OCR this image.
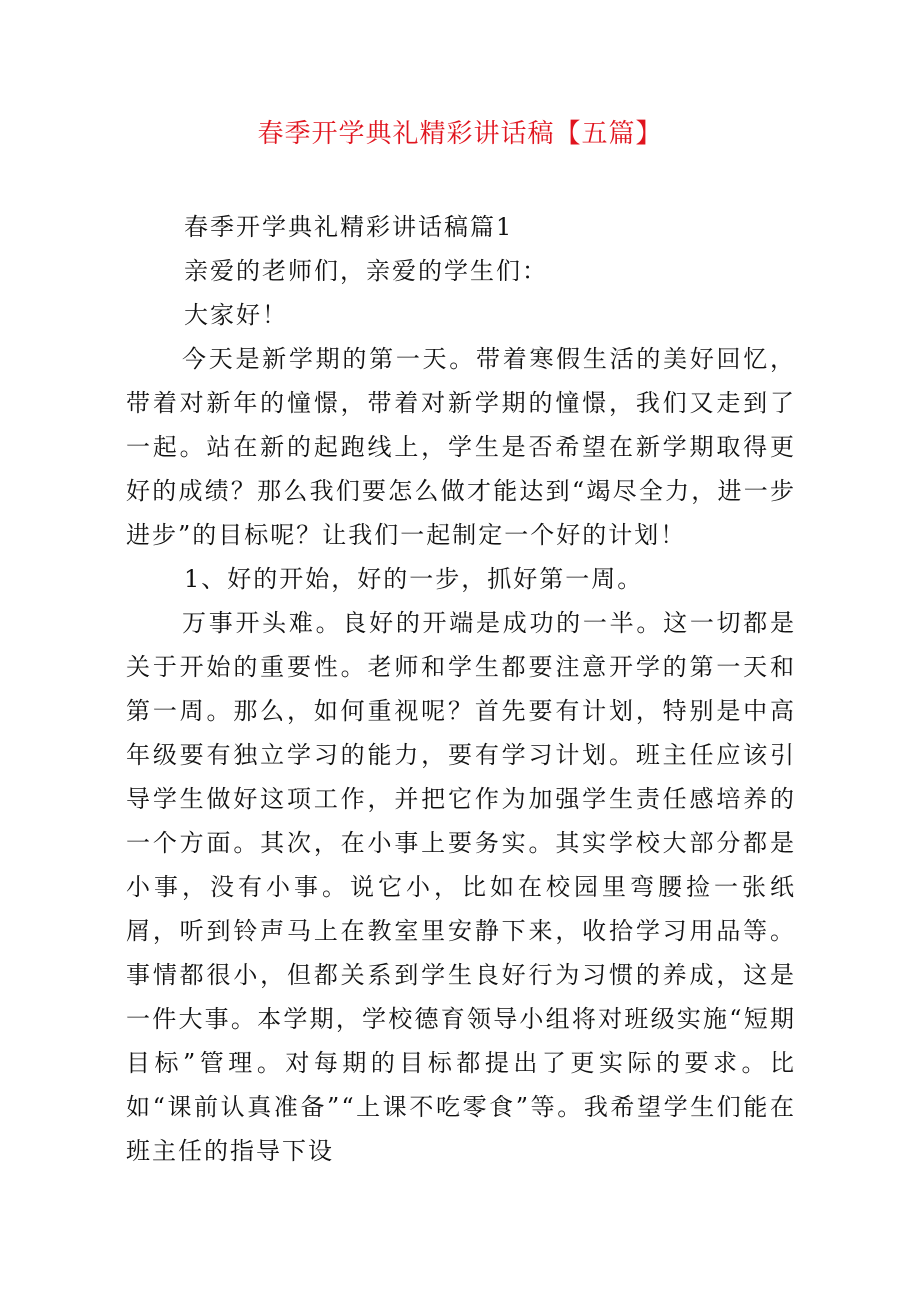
春季开学典礼精彩讲话稿【五篇】

春季开学典礼精彩讲话稿篇1

亲爱的老师们，亲爱的学生们：

大家好！

今天是新学期的第一天。带着寒假生活的美好回忆，带着对新年的憧憬，带着对新学期的憧憬，我们又走到了一起。站在新的起跑线上，学生是否希望在新学期取得更好的成绩？那么我们要怎么做才能达到“竭尽全力，进一步进步”的目标呢？让我们一起制定一个好的计划！

1、好的开始，好的一步，抓好第一周。

万事开头难。良好的开端是成功的一半。这一切都是关于开始的重要性。老师和学生都要注意开学的第一天和第一周。那么，如何重视呢？首先要有计划，特别是中高年级要有独立学习的能力，要有学习计划。班主任应该引导学生做好这项工作，并把它作为加强学生责任感培养的一个方面。其次，在小事上要务实。其实学校大部分都是小事，没有小事。说它小，比如在校园里弯腰捡一张纸屑，听到铃声马上在教室里安静下来，收拾学习用品等。事情都很小，但都关系到学生良好行为习惯的养成，这是一件大事。本学期，学校德育领导小组将对班级实施“短期目标”管理。对每期的目标都提出了更实际的要求。比如“课前认真准备”“上课不吃零食”等。我希望学生们能在班主任的指导下设
